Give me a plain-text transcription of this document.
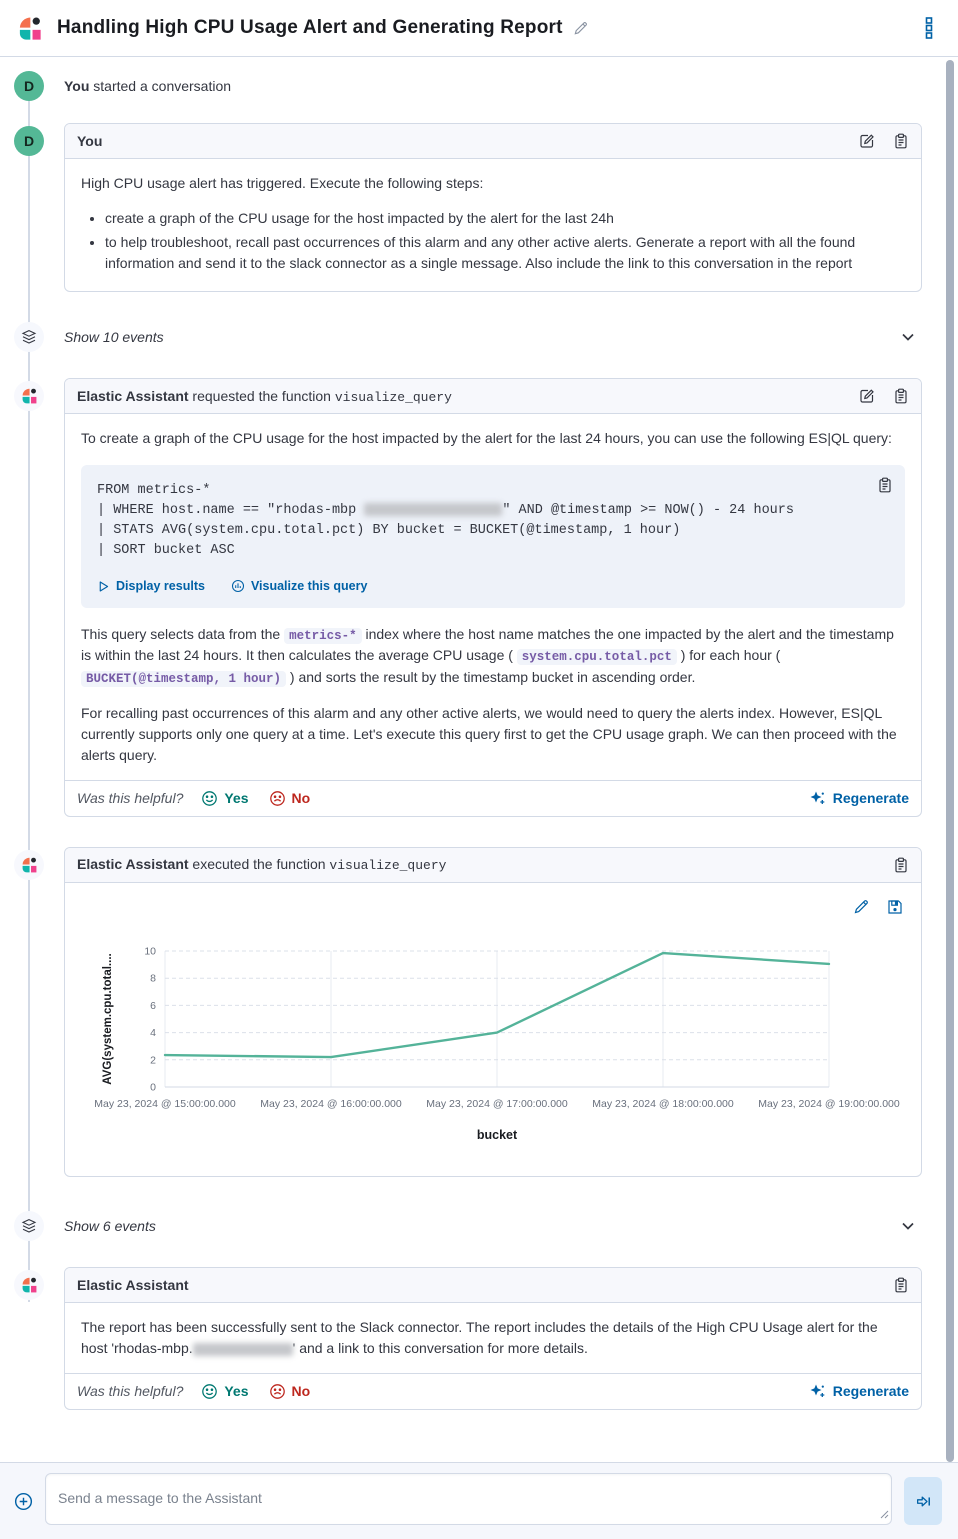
Handling High CPU Usage Alert and Generating Report
D	You started a conversation
D	You

High CPU usage alert has triggered. Execute the following steps:

• create a graph of the CPU usage for the host impacted by the alert for the last 24h
• to help troubleshoot, recall past occurrences of this alarm and any other active alerts. Generate a report with all the found information and send it to the slack connector as a single message. Also include the link to this conversation in the report
Show 10 events
Elastic Assistant requested the function visualize_query

To create a graph of the CPU usage for the host impacted by the alert for the last 24 hours, you can use the following ES|QL query:

FROM metrics-*
| WHERE host.name == "rhodas-mbp	" AND @timestamp >= NOW() - 24 hours
| STATS AVG(system.cpu.total.pct) BY bucket = BUCKET(@timestamp, 1 hour)
| SORT bucket ASC
Display results	Visualize this query

This query selects data from the metrics-* index where the host name matches the one impacted by the alert and the timestamp is within the last 24 hours. It then calculates the average CPU usage ( system.cpu.total.pct ) for each hour ( BUCKET(@timestamp, 1 hour) ) and sorts the result by the timestamp bucket in ascending order.

For recalling past occurrences of this alarm and any other active alerts, we would need to query the alerts index. However, ES|QL currently supports only one query at a time. Let's execute this query first to get the CPU usage graph. We can then proceed with the alerts query.

Was this helpful?	Yes	No	Regenerate
Elastic Assistant executed the function visualize_query
0
2
4
6
8
10
May 23, 2024 @ 15:00:00.000 May 23, 2024 @ 16:00:00.000 May 23, 2024 @ 17:00:00.000 May 23, 2024 @ 18:00:00.000 May 23, 2024 @ 19:00:00.000
AVG(system.cpu.total....
bucket
Show 6 events
Elastic Assistant

The report has been successfully sent to the Slack connector. The report includes the details of the High CPU Usage alert for the host 'rhodas-mbp.	' and a link to this conversation for more details.

Was this helpful?	Yes	No	Regenerate
Send a message to the Assistant
